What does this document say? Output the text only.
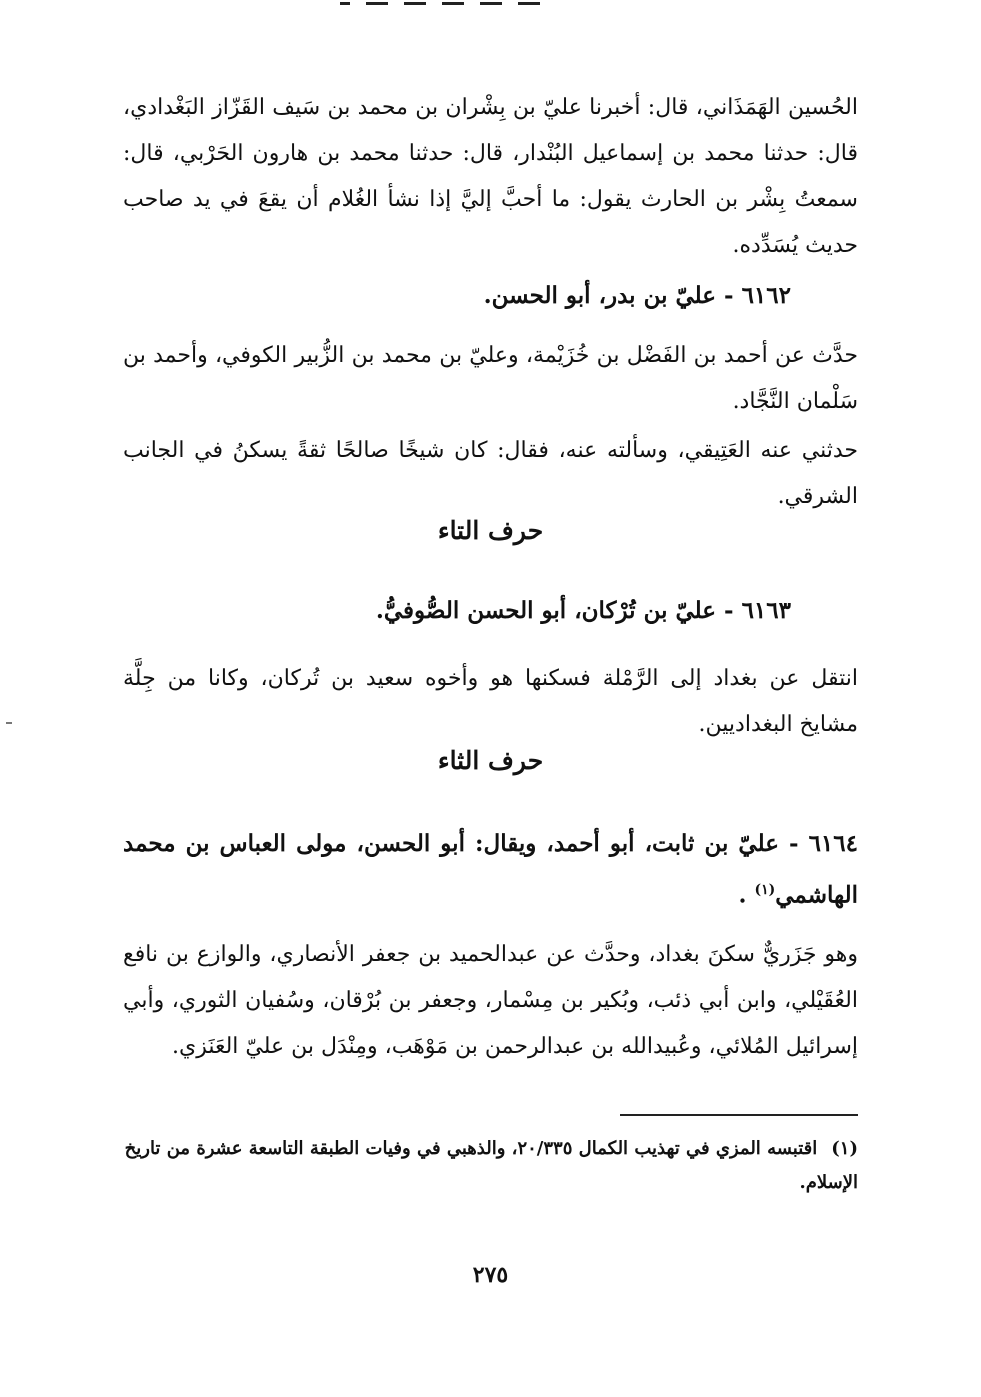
الحُسين الهَمَذَاني، قال: أخبرنا عليّ بن بِشْران بن محمد بن سَيف القَزّاز البَغْدادي، قال: حدثنا محمد بن إسماعيل البُنْدار، قال: حدثنا محمد بن هارون الحَرْبي، قال: سمعتُ بِشْر بن الحارث يقول: ما أحبَّ إليَّ إذا نشأ الغُلام أن يقعَ في يد صاحب حديث يُسَدِّده.

٦١٦٢ - عليّ بن بدر، أبو الحسن.

حدَّث عن أحمد بن الفَضْل بن خُزَيْمة، وعليّ بن محمد بن الزُّبير الكوفي، وأحمد بن سَلْمان النَّجَّاد.

حدثني عنه العَتِيقي، وسألته عنه، فقال: كان شيخًا صالحًا ثقةً يسكنُ في الجانب الشرقي.

حرف التاء

٦١٦٣ - عليّ بن تُرْكان، أبو الحسن الصُّوفيُّ.

انتقل عن بغداد إلى الرَّمْلة فسكنها هو وأخوه سعيد بن تُركان، وكانا من جِلَّة مشايخ البغداديين.

حرف الثاء

٦١٦٤ - عليّ بن ثابت، أبو أحمد، ويقال: أبو الحسن، مولى العباس بن محمد الهاشمي$^{(١)}$ .

وهو جَزَريٌّ سكنَ بغداد، وحدَّث عن عبدالحميد بن جعفر الأنصاري، والوازع بن نافع العُقَيْلي، وابن أبي ذئب، وبُكير بن مِسْمار، وجعفر بن بُرْقان، وسُفيان الثوري، وأبي إسرائيل المُلائي، وعُبيدالله بن عبدالرحمن بن مَوْهَب، ومِنْدَل بن عليّ العَنَزي.

(١)اقتبسه المزي في تهذيب الكمال ٢٠/٣٣٥، والذهبي في وفيات الطبقة التاسعة عشرة من تاريخ الإسلام.

٢٧٥
